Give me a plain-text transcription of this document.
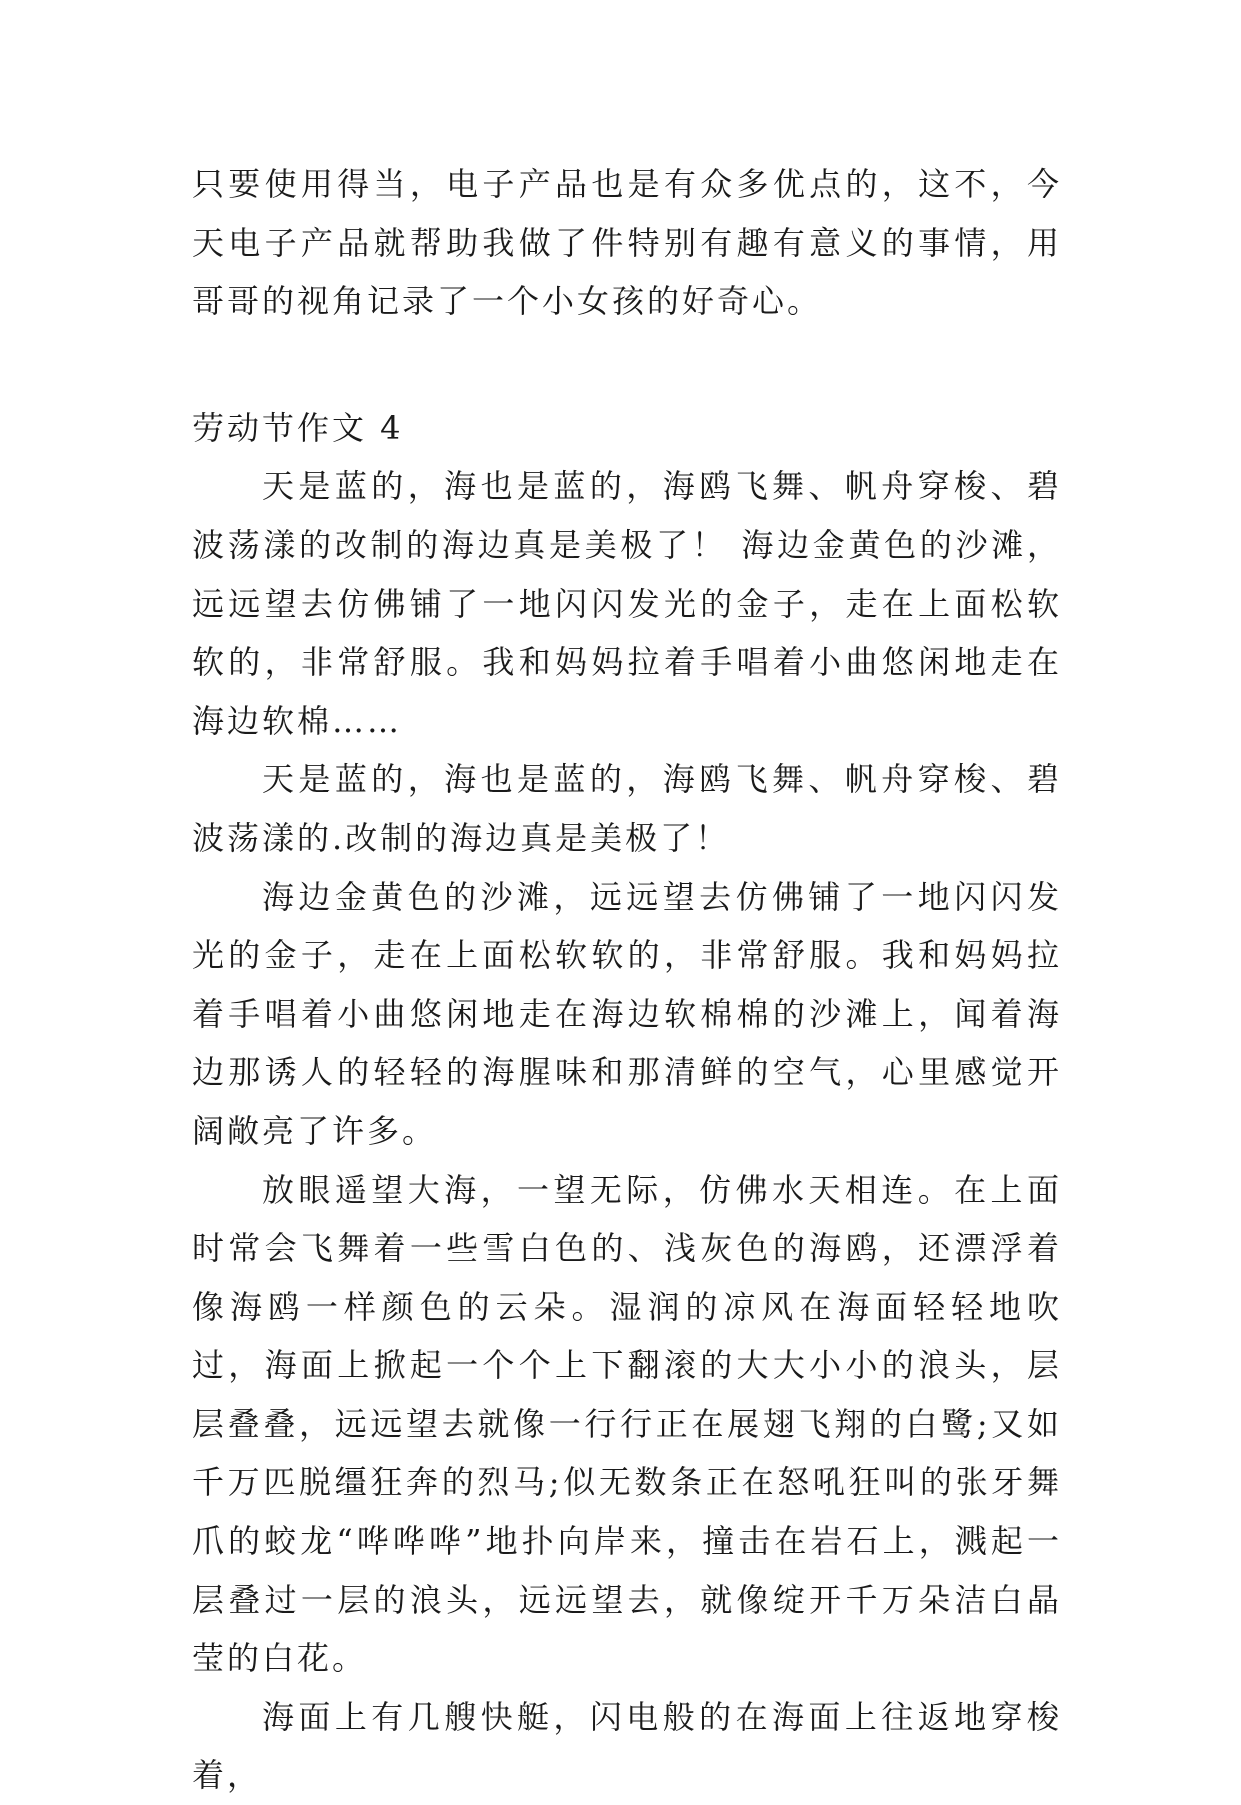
只要使用得当，电子产品也是有众多优点的，这不，今天电子产品就帮助我做了件特别有趣有意义的事情，用哥哥的视角记录了一个小女孩的好奇心。

劳动节作文 4

天是蓝的，海也是蓝的，海鸥飞舞、帆舟穿梭、碧波荡漾的改制的海边真是美极了！ 海边金黄色的沙滩，远远望去仿佛铺了一地闪闪发光的金子，走在上面松软软的，非常舒服。我和妈妈拉着手唱着小曲悠闲地走在海边软棉……

天是蓝的，海也是蓝的，海鸥飞舞、帆舟穿梭、碧波荡漾的.改制的海边真是美极了！

海边金黄色的沙滩，远远望去仿佛铺了一地闪闪发光的金子，走在上面松软软的，非常舒服。我和妈妈拉着手唱着小曲悠闲地走在海边软棉棉的沙滩上，闻着海边那诱人的轻轻的海腥味和那清鲜的空气，心里感觉开阔敞亮了许多。

放眼遥望大海，一望无际，仿佛水天相连。在上面时常会飞舞着一些雪白色的、浅灰色的海鸥，还漂浮着像海鸥一样颜色的云朵。湿润的凉风在海面轻轻地吹过，海面上掀起一个个上下翻滚的大大小小的浪头，层层叠叠，远远望去就像一行行正在展翅飞翔的白鹭;又如千万匹脱缰狂奔的烈马;似无数条正在怒吼狂叫的张牙舞爪的蛟龙“哗哗哗”地扑向岸来，撞击在岩石上，溅起一层叠过一层的浪头，远远望去，就像绽开千万朵洁白晶莹的白花。

海面上有几艘快艇，闪电般的在海面上往返地穿梭着，
